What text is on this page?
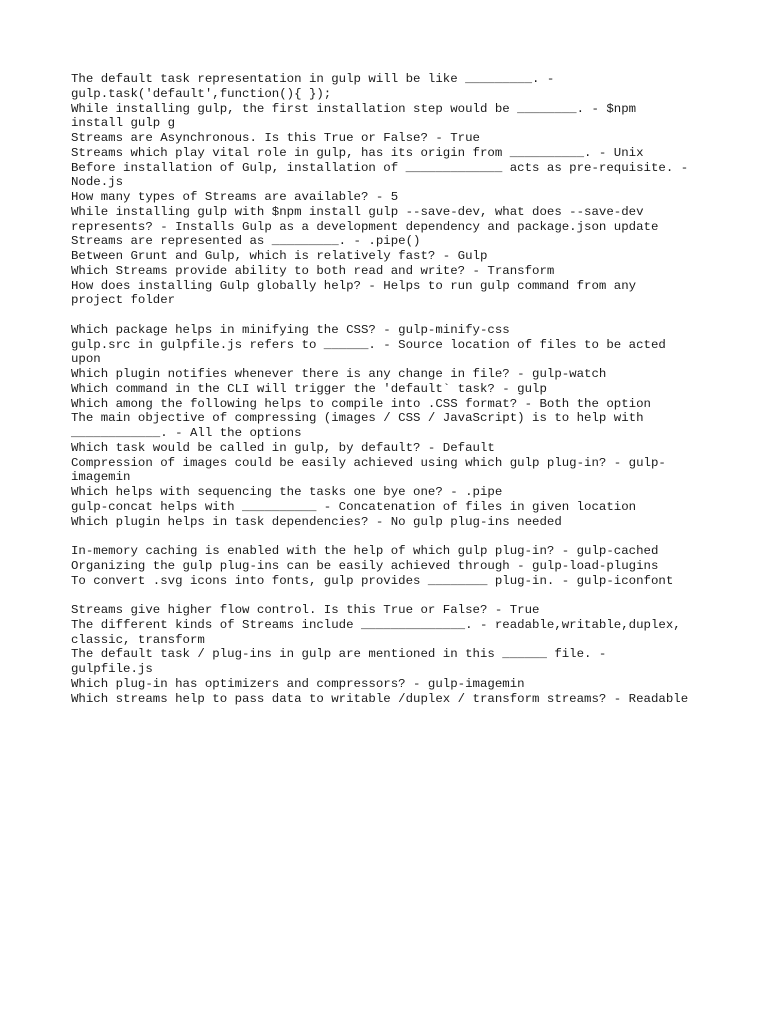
The default task representation in gulp will be like _________. -
gulp.task('default',function(){ });
While installing gulp, the first installation step would be ________. - $npm
install gulp g
Streams are Asynchronous. Is this True or False? - True
Streams which play vital role in gulp, has its origin from __________. - Unix
Before installation of Gulp, installation of _____________ acts as pre-requisite. -
Node.js
How many types of Streams are available? - 5
While installing gulp with $npm install gulp --save-dev, what does --save-dev
represents? - Installs Gulp as a development dependency and package.json update
Streams are represented as _________. - .pipe()
Between Grunt and Gulp, which is relatively fast? - Gulp
Which Streams provide ability to both read and write? - Transform
How does installing Gulp globally help? - Helps to run gulp command from any
project folder
Which package helps in minifying the CSS? - gulp-minify-css
gulp.src in gulpfile.js refers to ______. - Source location of files to be acted
upon
Which plugin notifies whenever there is any change in file? - gulp-watch
Which command in the CLI will trigger the 'default` task? - gulp
Which among the following helps to compile into .CSS format? - Both the option
The main objective of compressing (images / CSS / JavaScript) is to help with
____________. - All the options
Which task would be called in gulp, by default? - Default
Compression of images could be easily achieved using which gulp plug-in? - gulp-
imagemin
Which helps with sequencing the tasks one bye one? - .pipe
gulp-concat helps with __________ - Concatenation of files in given location
Which plugin helps in task dependencies? - No gulp plug-ins needed
In-memory caching is enabled with the help of which gulp plug-in? - gulp-cached
Organizing the gulp plug-ins can be easily achieved through - gulp-load-plugins
To convert .svg icons into fonts, gulp provides ________ plug-in. - gulp-iconfont
Streams give higher flow control. Is this True or False? - True
The different kinds of Streams include ______________. - readable,writable,duplex,
classic, transform
The default task / plug-ins in gulp are mentioned in this ______ file. -
gulpfile.js
Which plug-in has optimizers and compressors? - gulp-imagemin
Which streams help to pass data to writable /duplex / transform streams? - Readable
